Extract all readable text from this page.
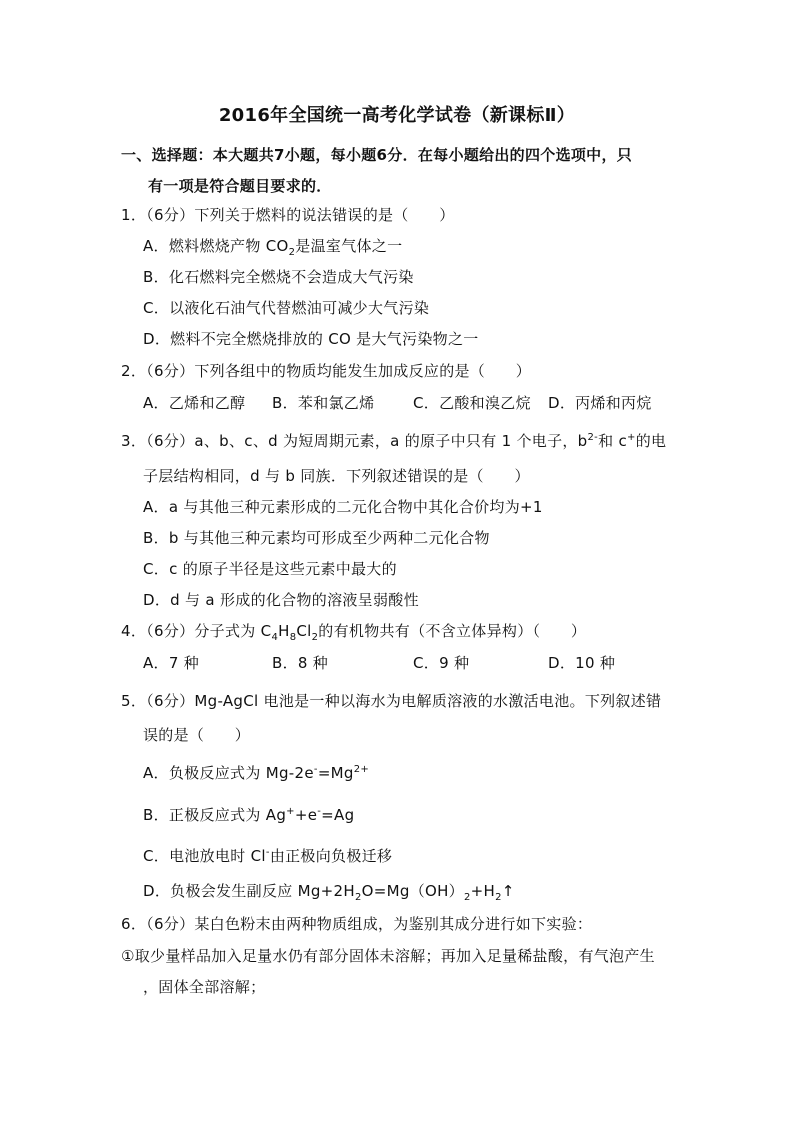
2016年全国统一高考化学试卷（新课标Ⅱ）
一、选择题：本大题共7小题，每小题6分．在每小题给出的四个选项中，只
有一项是符合题目要求的．
1．（6分）下列关于燃料的说法错误的是（　　）
A．燃料燃烧产物 $CO_2$是温室气体之一
B．化石燃料完全燃烧不会造成大气污染
C．以液化石油气代替燃油可减少大气污染
D．燃料不完全燃烧排放的 CO 是大气污染物之一
2．（6分）下列各组中的物质均能发生加成反应的是（　　）
A．乙烯和乙醇 B．苯和氯乙烯	C．乙酸和溴乙烷 D．丙烯和丙烷
3．（6分）a、b、c、d 为短周期元素，a 的原子中只有 1 个电子，$b^{2-}$和 c+的电
子层结构相同，d 与 b 同族．下列叙述错误的是（　　）
A．a 与其他三种元素形成的二元化合物中其化合价均为+1
B．b 与其他三种元素均可形成至少两种二元化合物
C．c 的原子半径是这些元素中最大的
D．d 与 a 形成的化合物的溶液呈弱酸性
4．（6分）分子式为 $C_4H_8Cl_2$的有机物共有（不含立体异构）（　　）
A．7 种	B．8 种	C．9 种	D．10 种
5．（6分）Mg-AgCl 电池是一种以海水为电解质溶液的水激活电池。下列叙述错
误的是（　　）
A．负极反应式为 $Mg-2e^-=Mg^{2+}$
B．正极反应式为 Ag++e-=Ag
C．电池放电时 Cl-由正极向负极迁移
D．负极会发生副反应 $Mg+2H_2O=Mg(OH)_2+H_2↑$
6．（6分）某白色粉末由两种物质组成，为鉴别其成分进行如下实验：
①取少量样品加入足量水仍有部分固体未溶解；再加入足量稀盐酸，有气泡产生
，固体全部溶解；
